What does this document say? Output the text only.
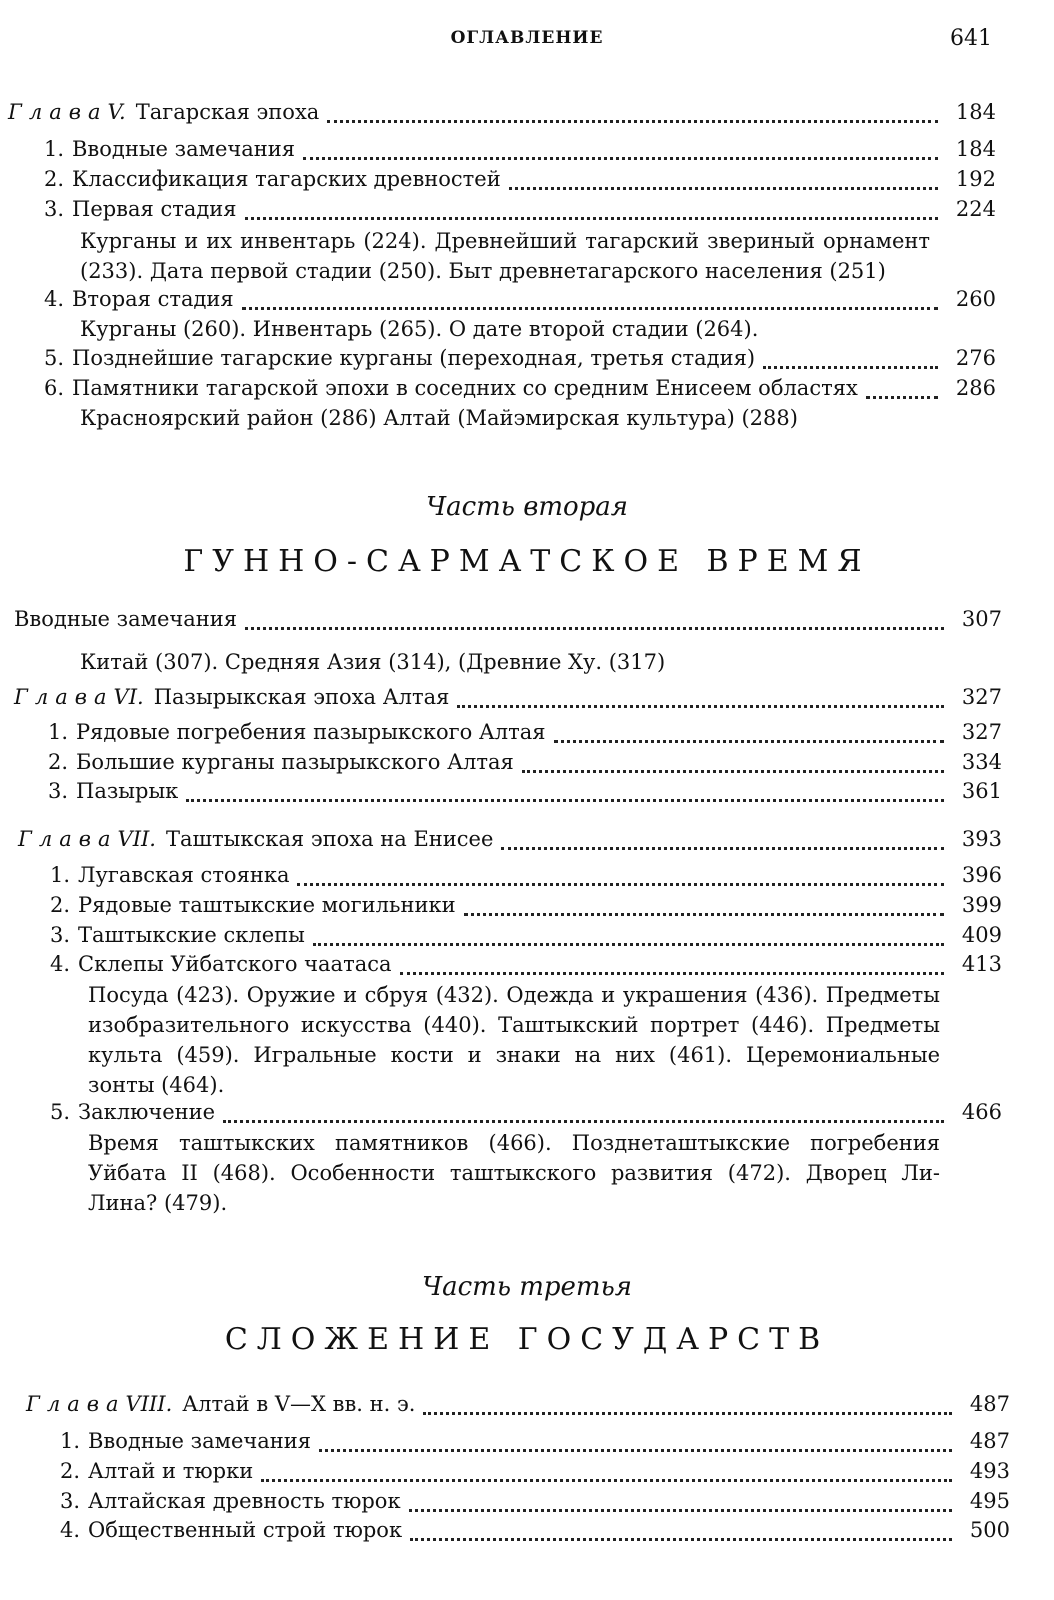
ОГЛАВЛЕНИЕ	641
Глава V. Тагарская эпоха	184
1. Вводные замечания	184
2. Классификация тагарских древностей	192
3. Первая стадия	224
Курганы и их инвентарь (224). Древнейший тагарский звериный орнамент (233). Дата первой стадии (250). Быт древнетагарского населения (251)
4. Вторая стадия	260
Курганы (260). Инвентарь (265). О дате второй стадии (264).
5. Позднейшие тагарские курганы (переходная, третья стадия)	276
6. Памятники тагарской эпохи в соседних со средним Енисеем областях	286
Красноярский район (286) Алтай (Майэмирская культура) (288)
Часть вторая
ГУННО-САРМАТСКОЕ ВРЕМЯ
Вводные замечания	307
Китай (307). Средняя Азия (314), (Древние Ху. (317)
Глава VI. Пазырыкская эпоха Алтая	327
1. Рядовые погребения пазырыкского Алтая	327
2. Большие курганы пазырыкского Алтая	334
3. Пазырык	361
Глава VII. Таштыкская эпоха на Енисее	393
1. Лугавская стоянка	396
2. Рядовые таштыкские могильники	399
3. Таштыкские склепы	409
4. Склепы Уйбатского чаатаса	413
Посуда (423). Оружие и сбруя (432). Одежда и украшения (436). Предметы изобразительного искусства (440). Таштыкский портрет (446). Предметы культа (459). Игральные кости и знаки на них (461). Церемониальные зонты (464).
5. Заключение	466
Время таштыкских памятников (466). Позднеташтыкские погребения Уйбата II (468). Особенности таштыкского развития (472). Дворец Ли-Лина? (479).
Часть третья
СЛОЖЕНИЕ ГОСУДАРСТВ
Глава VIII. Алтай в V—X вв. н. э.	487
1. Вводные замечания	487
2. Алтай и тюрки	493
3. Алтайская древность тюрок	495
4. Общественный строй тюрок	500
